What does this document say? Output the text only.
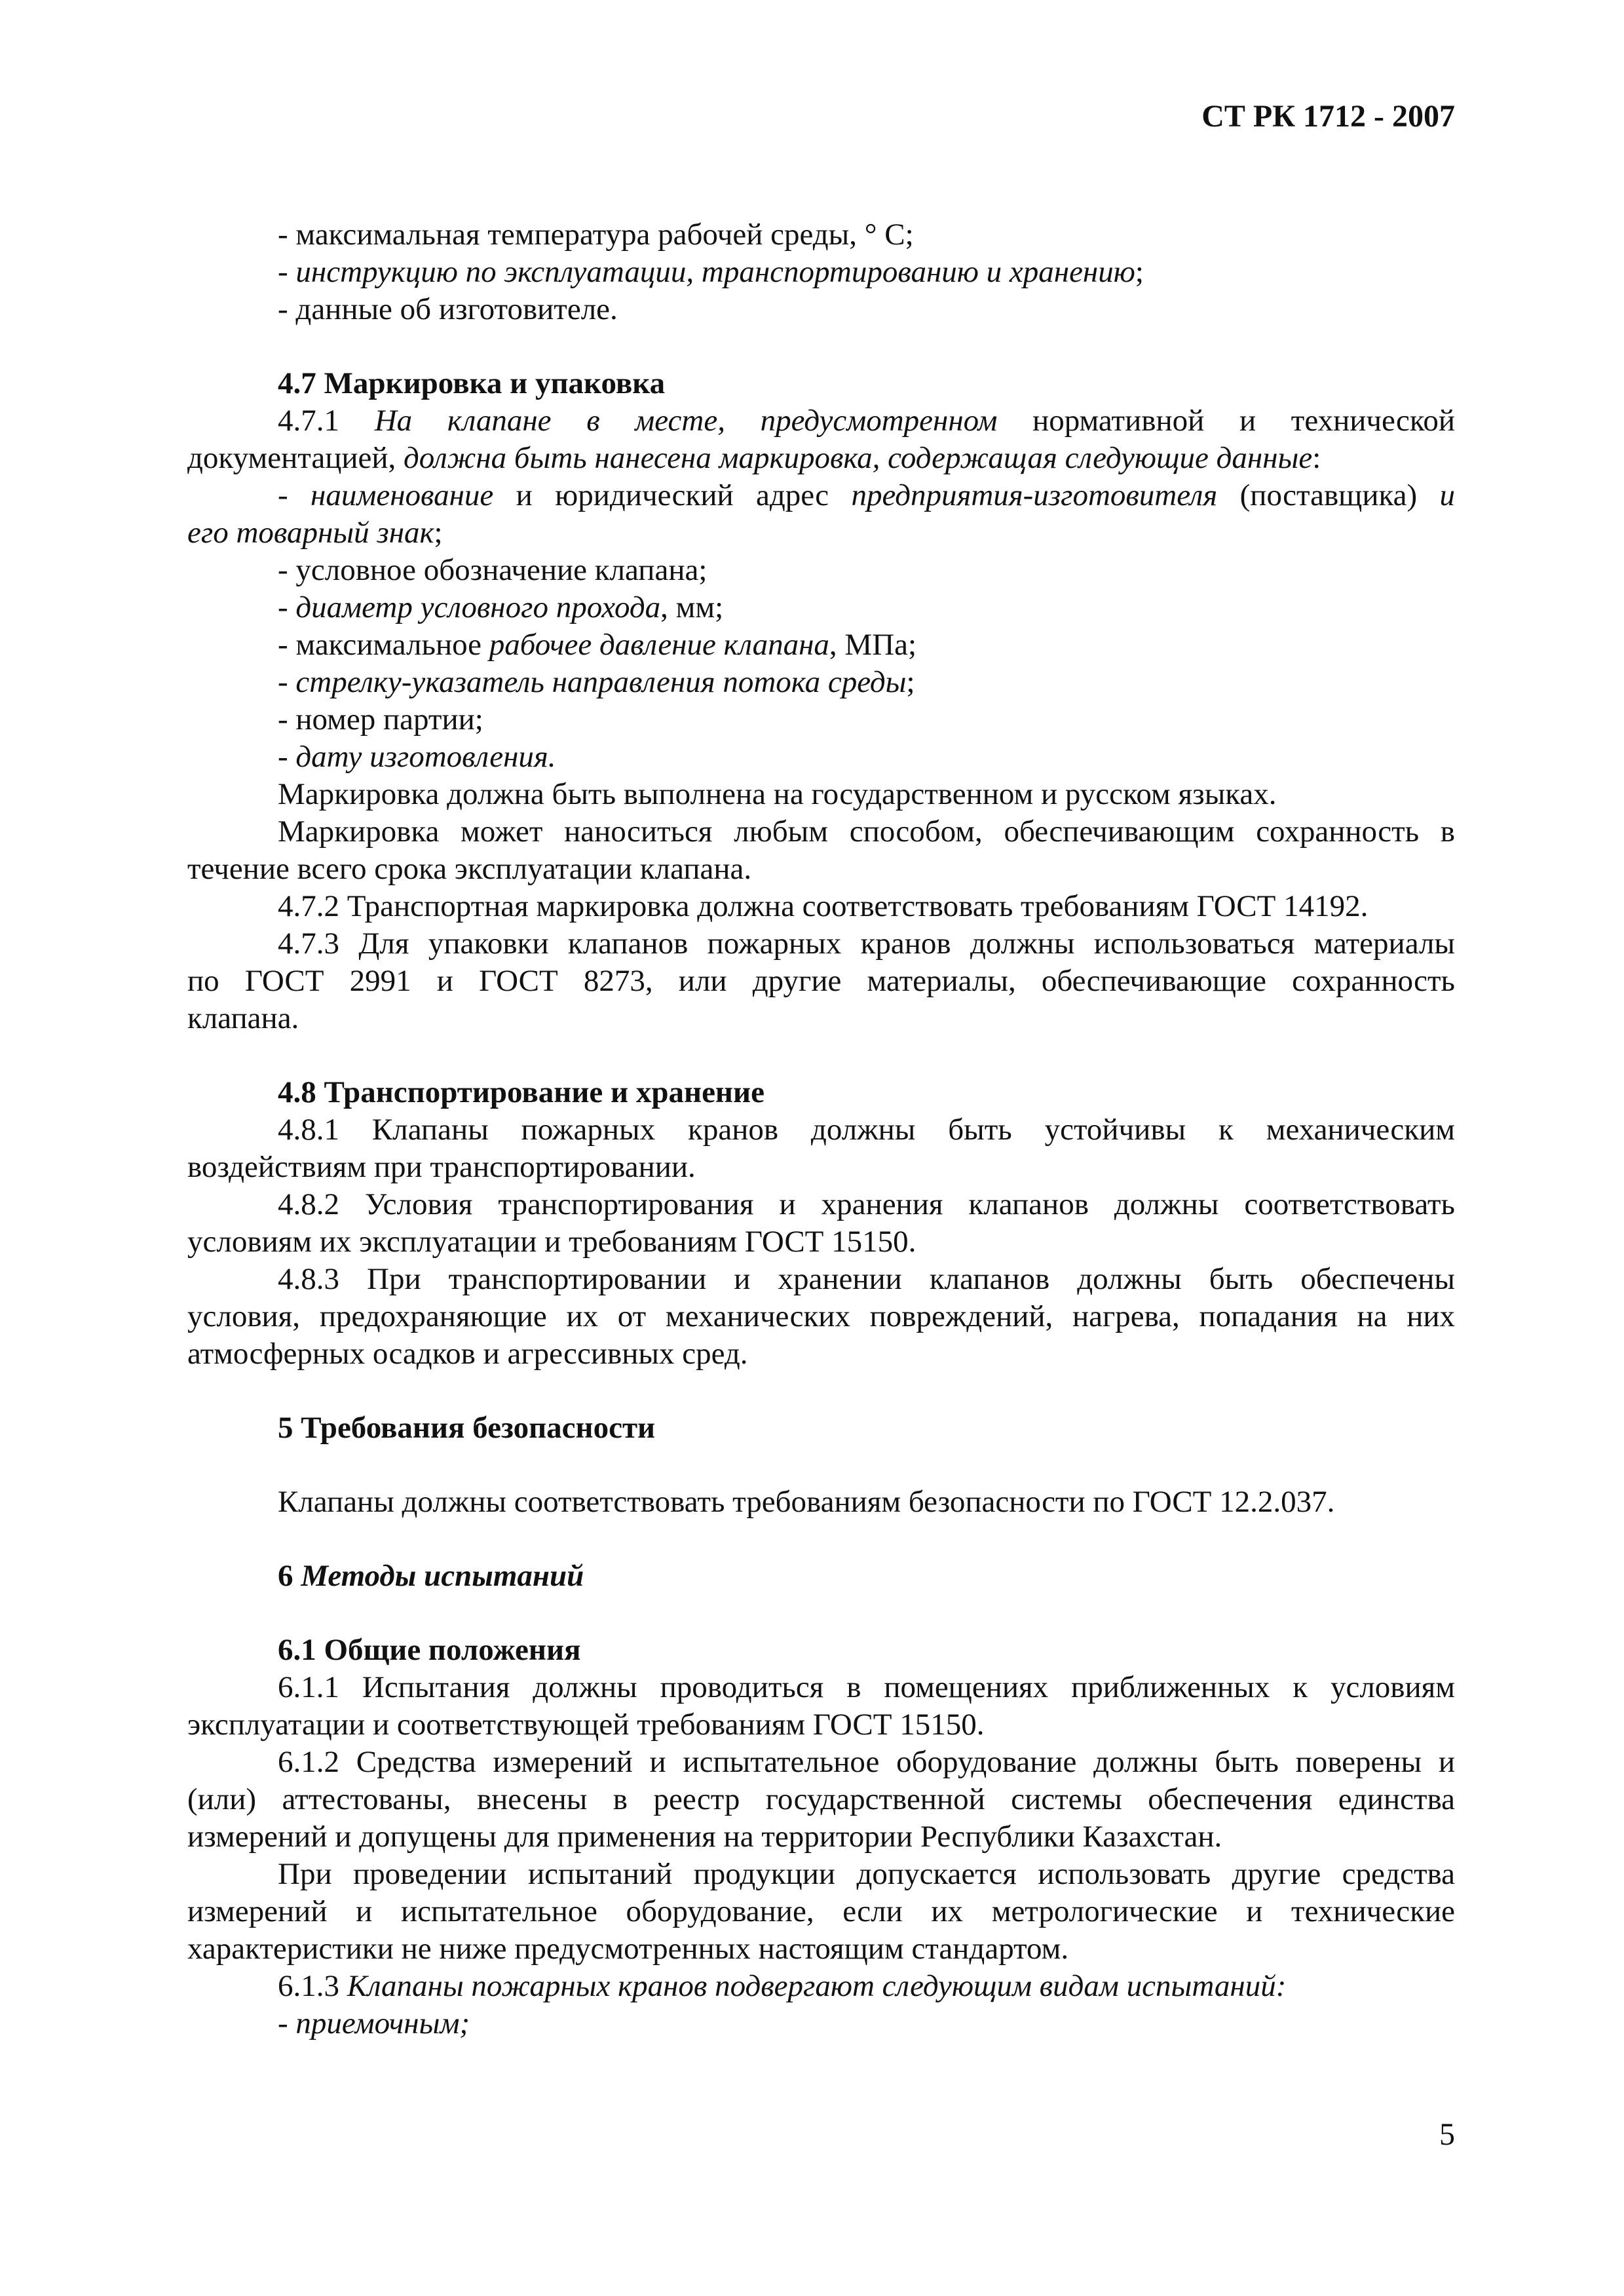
СТ РК 1712 - 2007
- максимальная температура рабочей среды, ° С;
- инструкцию по эксплуатации, транспортированию и хранению;
- данные об изготовителе.
4.7 Маркировка и упаковка
4.7.1 На клапане в месте, предусмотренном нормативной и технической
документацией, должна быть нанесена маркировка, содержащая следующие данные:
- наименование и юридический адрес предприятия-изготовителя (поставщика) и
его товарный знак;
- условное обозначение клапана;
- диаметр условного прохода, мм;
- максимальное рабочее давление клапана, МПа;
- стрелку-указатель направления потока среды;
- номер партии;
- дату изготовления.
Маркировка должна быть выполнена на государственном и русском языках.
Маркировка может наноситься любым способом, обеспечивающим сохранность в
течение всего срока эксплуатации клапана.
4.7.2 Транспортная маркировка должна соответствовать требованиям ГОСТ 14192.
4.7.3 Для упаковки клапанов пожарных кранов должны использоваться материалы
по ГОСТ 2991 и ГОСТ 8273, или другие материалы, обеспечивающие сохранность
клапана.
4.8 Транспортирование и хранение
4.8.1 Клапаны пожарных кранов должны быть устойчивы к механическим
воздействиям при транспортировании.
4.8.2 Условия транспортирования и хранения клапанов должны соответствовать
условиям их эксплуатации и требованиям ГОСТ 15150.
4.8.3 При транспортировании и хранении клапанов должны быть обеспечены
условия, предохраняющие их от механических повреждений, нагрева, попадания на них
атмосферных осадков и агрессивных сред.
5 Требования безопасности
Клапаны должны соответствовать требованиям безопасности по ГОСТ 12.2.037.
6 Методы испытаний
6.1 Общие положения
6.1.1 Испытания должны проводиться в помещениях приближенных к условиям
эксплуатации и соответствующей требованиям ГОСТ 15150.
6.1.2 Средства измерений и испытательное оборудование должны быть поверены и
(или) аттестованы, внесены в реестр государственной системы обеспечения единства
измерений и допущены для применения на территории Республики Казахстан.
При проведении испытаний продукции допускается использовать другие средства
измерений и испытательное оборудование, если их метрологические и технические
характеристики не ниже предусмотренных настоящим стандартом.
6.1.3 Клапаны пожарных кранов подвергают следующим видам испытаний:
- приемочным;
5
